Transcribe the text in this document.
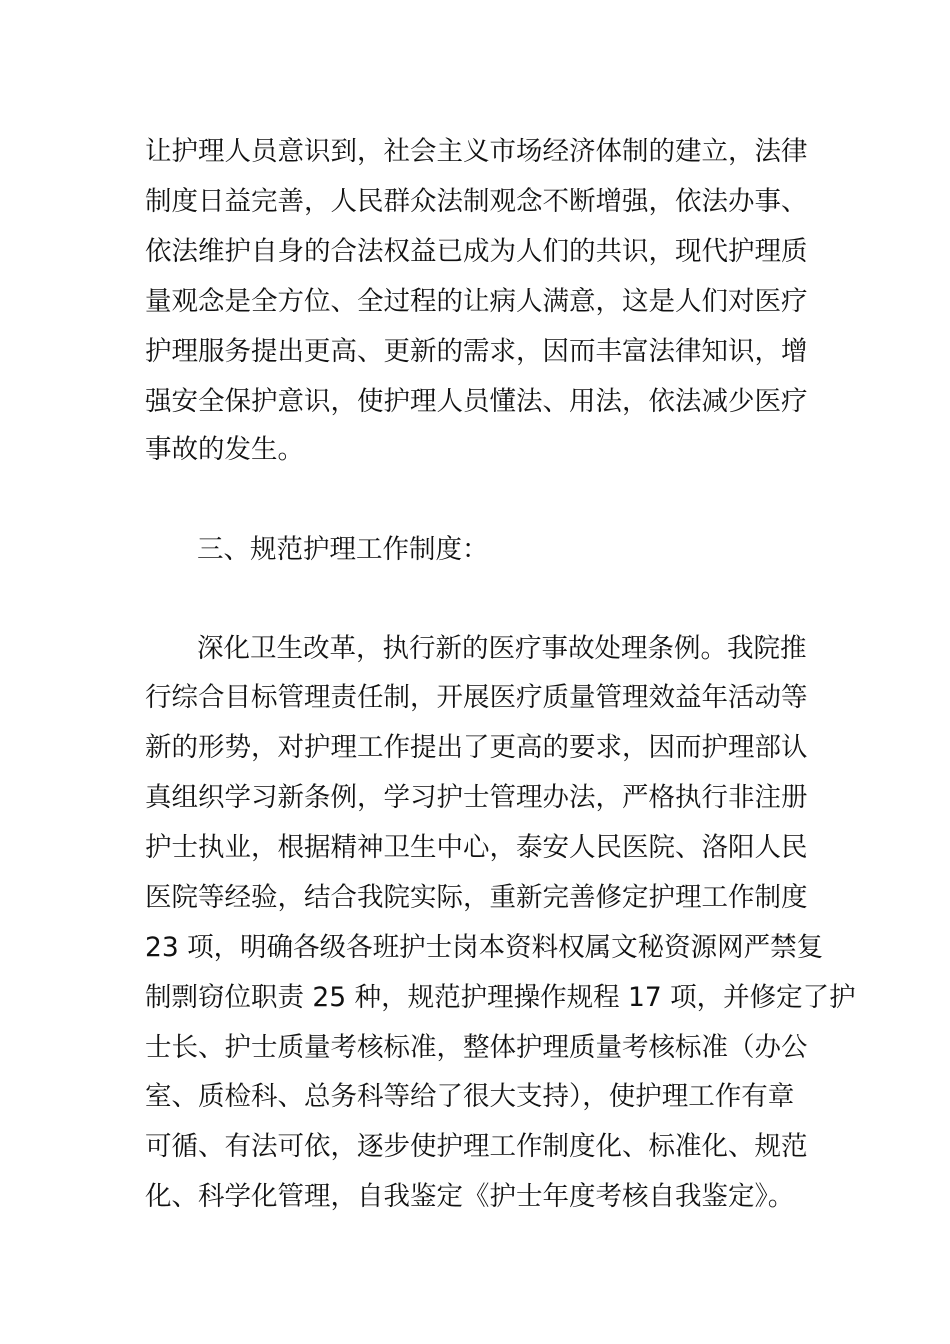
让护理人员意识到，社会主义市场经济体制的建立，法律
制度日益完善，人民群众法制观念不断增强，依法办事、
依法维护自身的合法权益已成为人们的共识，现代护理质
量观念是全方位、全过程的让病人满意，这是人们对医疗
护理服务提出更高、更新的需求，因而丰富法律知识，增
强安全保护意识，使护理人员懂法、用法，依法减少医疗
事故的发生。
三、规范护理工作制度：
深化卫生改革，执行新的医疗事故处理条例。我院推
行综合目标管理责任制，开展医疗质量管理效益年活动等
新的形势，对护理工作提出了更高的要求，因而护理部认
真组织学习新条例，学习护士管理办法，严格执行非注册
护士执业，根据精神卫生中心，泰安人民医院、洛阳人民
医院等经验，结合我院实际，重新完善修定护理工作制度
23 项，明确各级各班护士岗本资料权属文秘资源网严禁复
制剽窃位职责 25 种，规范护理操作规程 17 项，并修定了护
士长、护士质量考核标准，整体护理质量考核标准（办公
室、质检科、总务科等给了很大支持），使护理工作有章
可循、有法可依，逐步使护理工作制度化、标准化、规范
化、科学化管理，自我鉴定《护士年度考核自我鉴定》。
